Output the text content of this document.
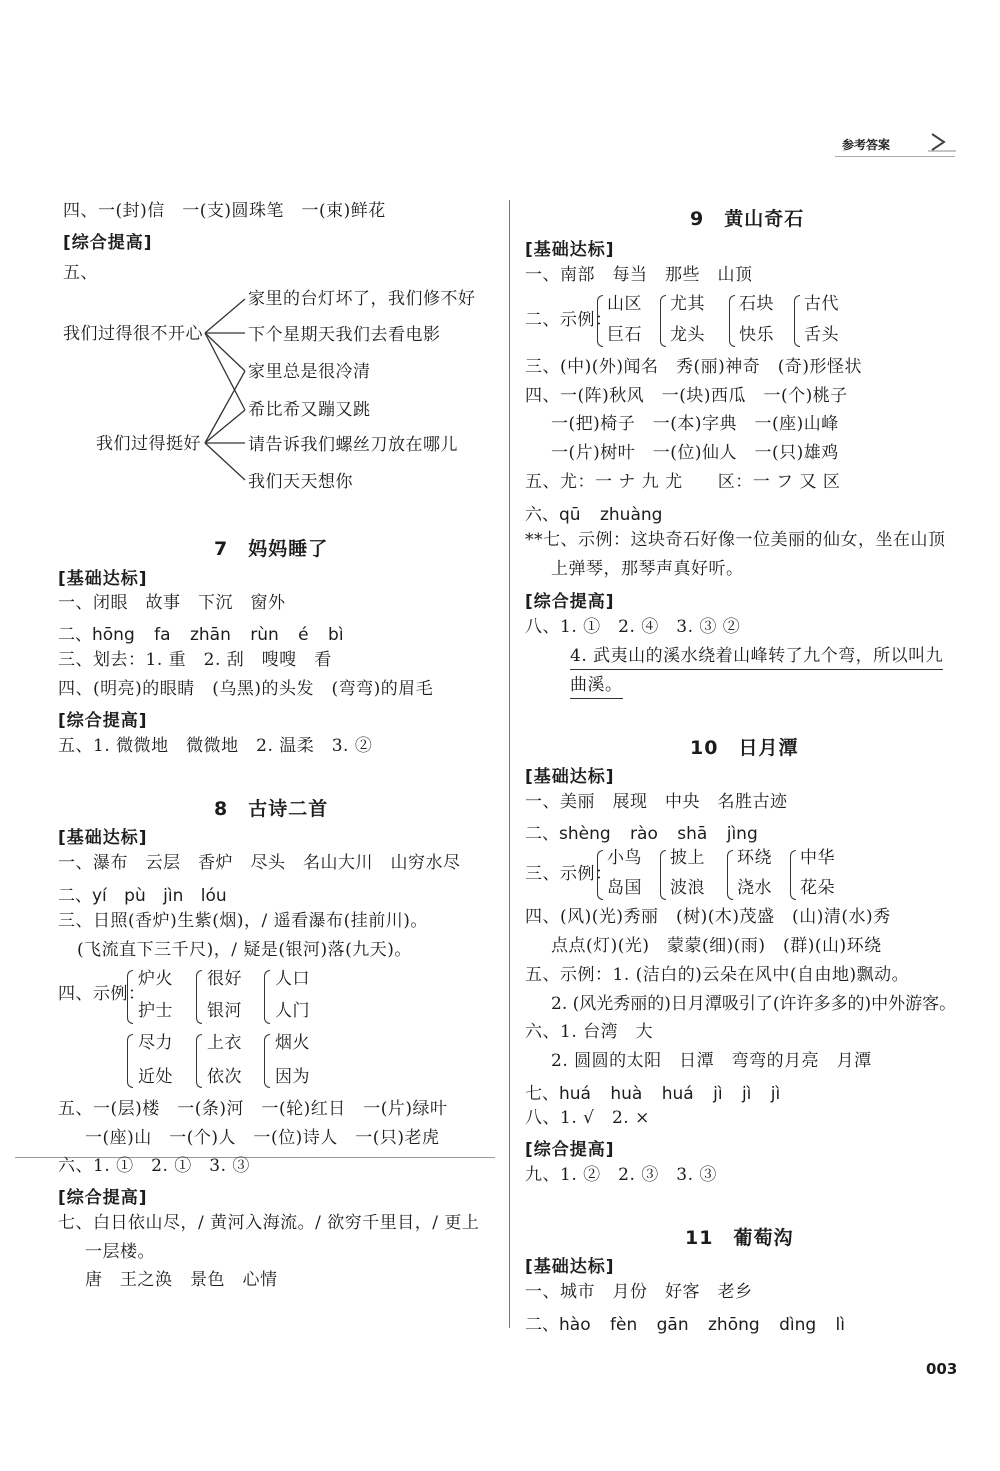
参考答案
四、一(封)信　一(支)圆珠笔　一(束)鲜花
[综合提高]
五、
我们过得很不开心
家里的台灯坏了，我们修不好
下个星期天我们去看电影
家里总是很冷清
我们过得挺好
希比希又蹦又跳
请告诉我们螺丝刀放在哪儿
我们天天想你
7　妈妈睡了
[基础达标]
一、闭眼　故事　下沉　窗外
二、hōng fa zhān rùn é bì
三、划去：1. 重　2. 刮　嗖嗖　看
四、(明亮)的眼睛　(乌黑)的头发　(弯弯)的眉毛
[综合提高]
五、1. 微微地　微微地　2. 温柔　3. ②
8　古诗二首
[基础达标]
一、瀑布　云层　香炉　尽头　名山大川　山穷水尽
二、yí pù jìn lóu
三、日照(香炉)生紫(烟)，/ 遥看瀑布(挂前川)。
(飞流直下三千尺)，/ 疑是(银河)落(九天)。
四、示例：
炉火
护士
很好
银河
人口
人门
尽力
近处
上衣
依次
烟火
因为
五、一(层)楼　一(条)河　一(轮)红日　一(片)绿叶
一(座)山　一(个)人　一(位)诗人　一(只)老虎
六、1. ①　2. ①　3. ③
[综合提高]
七、白日依山尽，/ 黄河入海流。/ 欲穷千里目，/ 更上
一层楼。
唐　王之涣　景色　心情
9　黄山奇石
[基础达标]
一、南部　每当　那些　山顶
二、示例：
山区
巨石
尤其
龙头
石块
快乐
古代
舌头
三、(中)(外)闻名　秀(丽)神奇　(奇)形怪状
四、一(阵)秋风　一(块)西瓜　一(个)桃子
一(把)椅子　一(本)字典　一(座)山峰
一(片)树叶　一(位)仙人　一(只)雄鸡
五、尤：一 ナ 九 尤　　区：一 フ 又 区
六、qū zhuàng
**七、示例：这块奇石好像一位美丽的仙女，坐在山顶
上弹琴，那琴声真好听。
[综合提高]
八、1. ①　2. ④　3. ③ ②
4. 武夷山的溪水绕着山峰转了九个弯，所以叫九
曲溪。
10　日月潭
[基础达标]
一、美丽　展现　中央　名胜古迹
二、shèng rào shā jìng
三、示例：
小鸟
岛国
披上
波浪
环绕
浇水
中华
花朵
四、(风)(光)秀丽　(树)(木)茂盛　(山)清(水)秀
点点(灯)(光)　蒙蒙(细)(雨)　(群)(山)环绕
五、示例：1. (洁白的)云朵在风中(自由地)飘动。
2. (风光秀丽的)日月潭吸引了(许许多多的)中外游客。
六、1. 台湾　大
2. 圆圆的太阳　日潭　弯弯的月亮　月潭
七、huá huà huá jì jì jì
八、1. √　2. ×
[综合提高]
九、1. ②　2. ③　3. ③
11　葡萄沟
[基础达标]
一、城市　月份　好客　老乡
二、hào fèn gān zhōng dìng lì
003
